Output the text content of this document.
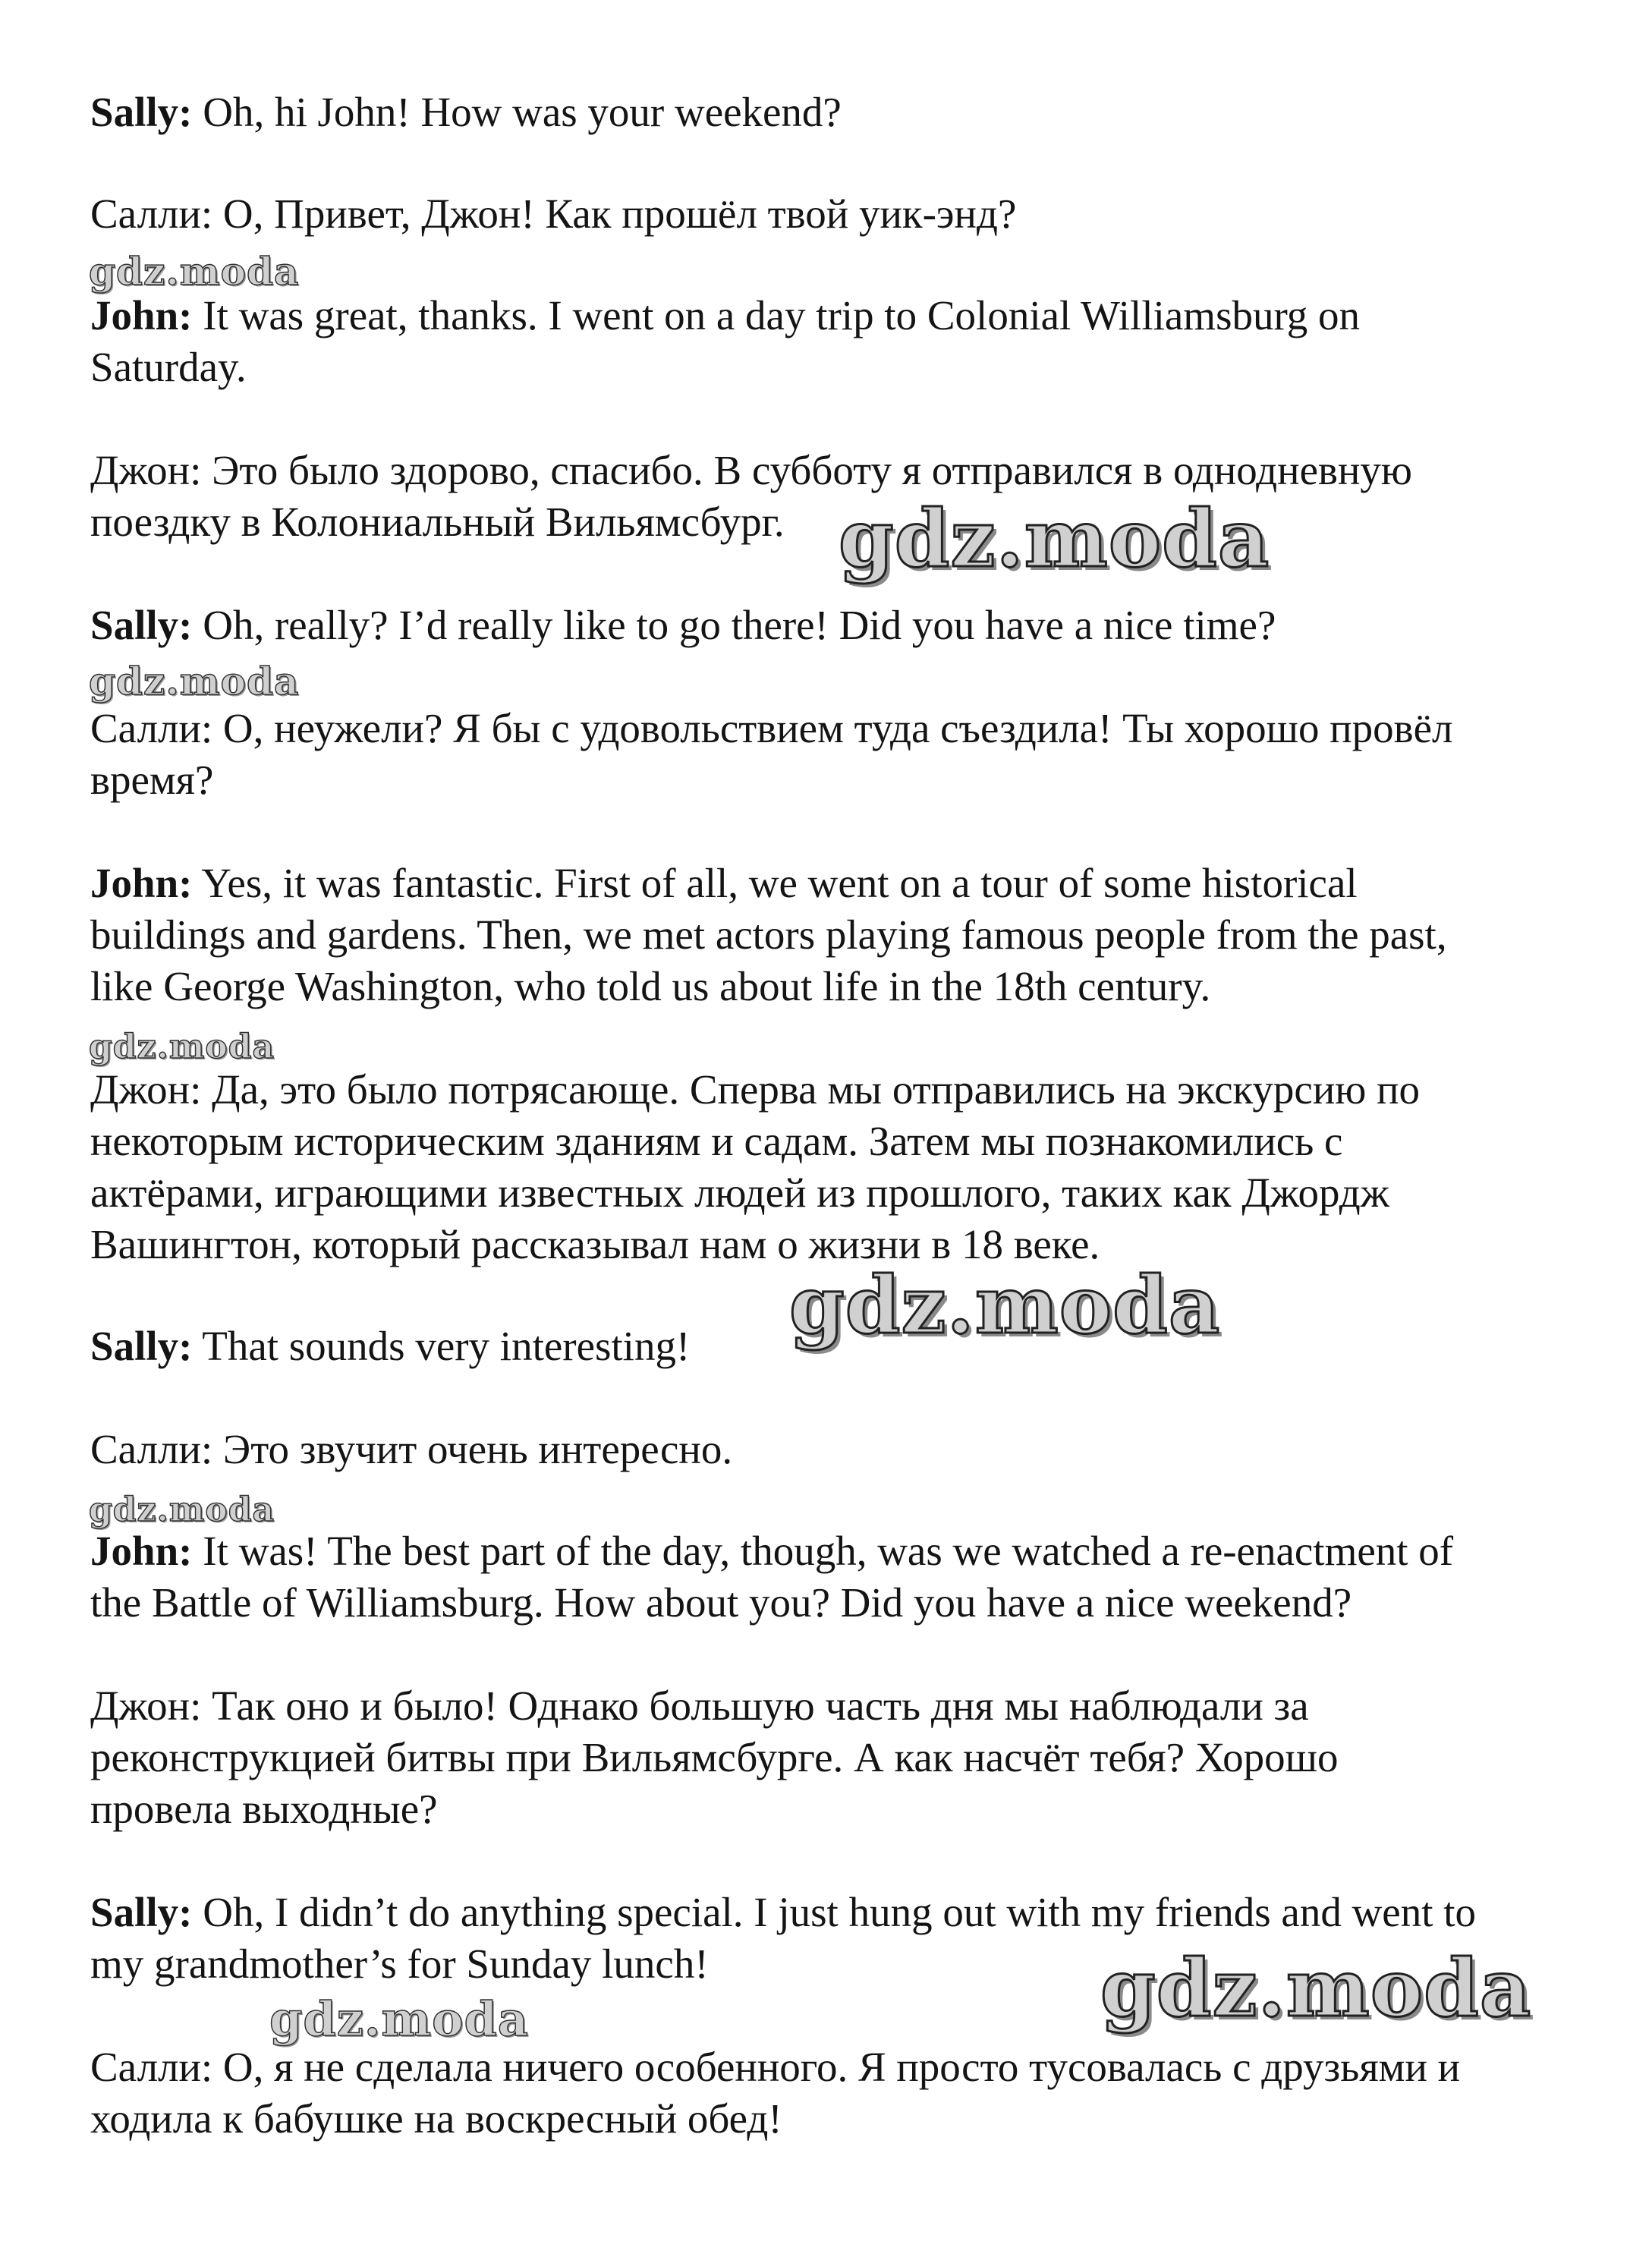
Sally: Oh, hi John! How was your weekend?

Салли: О, Привет, Джон! Как прошёл твой уик-энд?

John: It was great, thanks. I went on a day trip to Colonial Williamsburg on

Saturday.

Джон: Это было здорово, спасибо. В субботу я отправился в однодневную

поездку в Колониальный Вильямсбург.

Sally: Oh, really? I’d really like to go there! Did you have a nice time?

Салли: О, неужели? Я бы с удовольствием туда съездила! Ты хорошо провёл

время?

John: Yes, it was fantastic. First of all, we went on a tour of some historical

buildings and gardens. Then, we met actors playing famous people from the past,

like George Washington, who told us about life in the 18th century.

Джон: Да, это было потрясающе. Сперва мы отправились на экскурсию по

некоторым историческим зданиям и садам. Затем мы познакомились с

актёрами, играющими известных людей из прошлого, таких как Джордж

Вашингтон, который рассказывал нам о жизни в 18 веке.

Sally: That sounds very interesting!

Салли: Это звучит очень интересно.

John: It was! The best part of the day, though, was we watched a re-enactment of

the Battle of Williamsburg. How about you? Did you have a nice weekend?

Джон: Так оно и было! Однако большую часть дня мы наблюдали за

реконструкцией битвы при Вильямсбурге. А как насчёт тебя? Хорошо

провела выходные?

Sally: Oh, I didn’t do anything special. I just hung out with my friends and went to

my grandmother’s for Sunday lunch!

Салли: О, я не сделала ничего особенного. Я просто тусовалась с друзьями и

ходила к бабушке на воскресный обед!

gdz.moda
gdz.moda
gdz.moda
gdz.moda
gdz.moda
gdz.moda
gdz.moda
gdz.moda
